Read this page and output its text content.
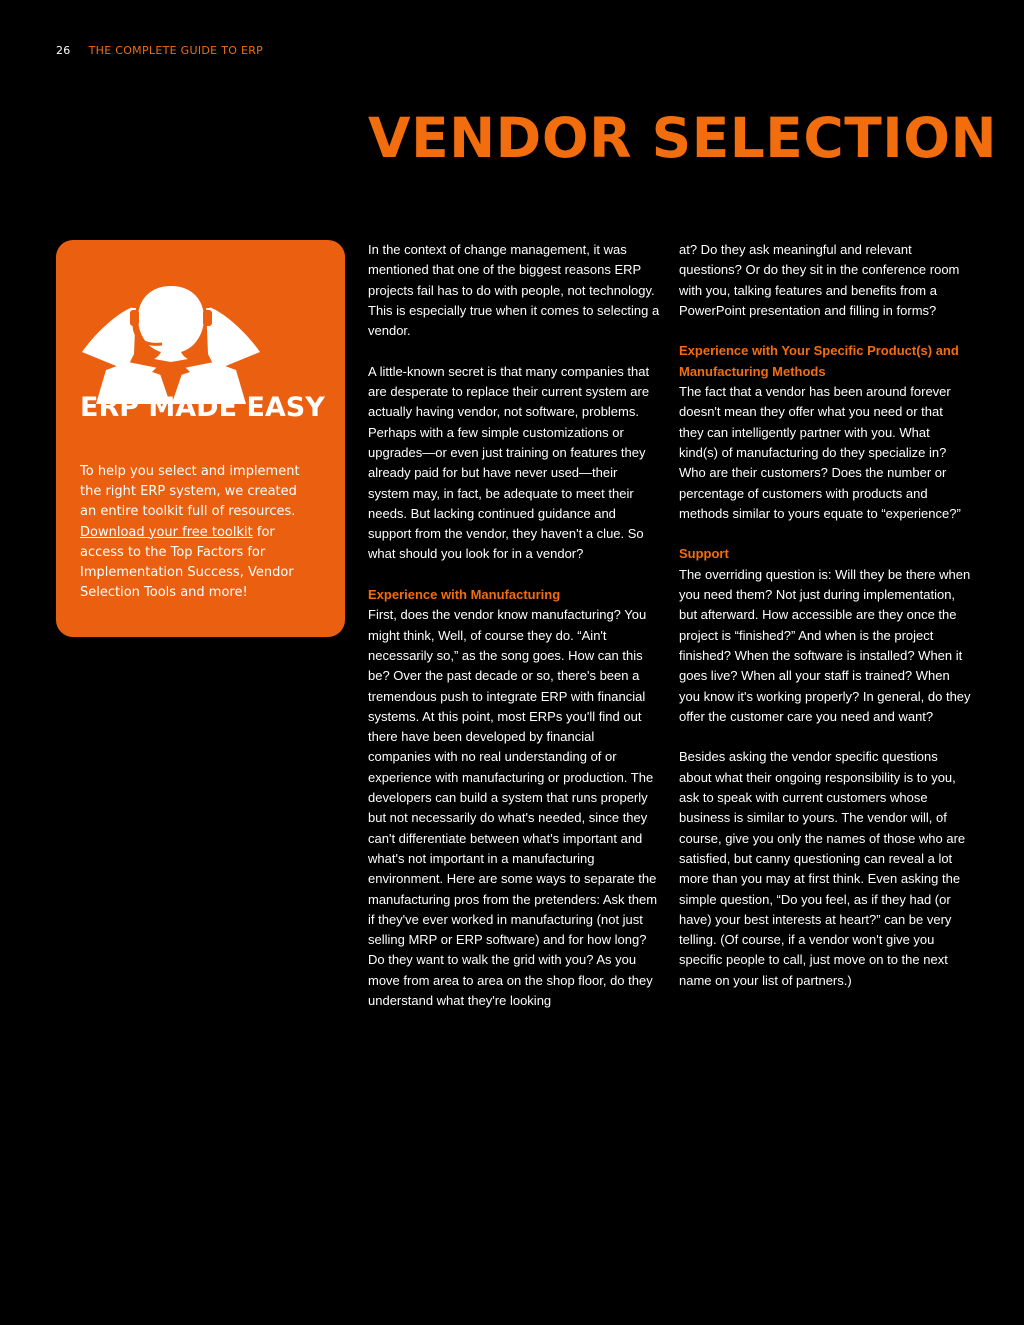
26 THE COMPLETE GUIDE TO ERP
VENDOR SELECTION
ERP MADE EASY

To help you select and implement the right ERP system, we created an entire toolkit full of resources. Download your free toolkit for access to the Top Factors for Implementation Success, Vendor Selection Tools and more!

In the context of change management, it was mentioned that one of the biggest reasons ERP projects fail has to do with people, not technology. This is especially true when it comes to selecting a vendor.

A little-known secret is that many companies that are desperate to replace their current system are actually having vendor, not software, problems. Perhaps with a few simple customizations or upgrades—or even just training on features they already paid for but have never used—their system may, in fact, be adequate to meet their needs. But lacking continued guidance and support from the vendor, they haven't a clue. So what should you look for in a vendor?

Experience with Manufacturing

First, does the vendor know manufacturing? You might think, Well, of course they do. “Ain't necessarily so,” as the song goes. How can this be? Over the past decade or so, there's been a tremendous push to integrate ERP with financial systems. At this point, most ERPs you'll find out there have been developed by financial companies with no real understanding of or experience with manufacturing or production. The developers can build a system that runs properly but not necessarily do what's needed, since they can't differentiate between what's important and what's not important in a manufacturing environment. Here are some ways to separate the manufacturing pros from the pretenders: Ask them if they've ever worked in manufacturing (not just selling MRP or ERP software) and for how long? Do they want to walk the grid with you? As you move from area to area on the shop floor, do they understand what they're looking

at? Do they ask meaningful and relevant questions? Or do they sit in the conference room with you, talking features and benefits from a PowerPoint presentation and filling in forms?

Experience with Your Specific Product(s) and Manufacturing Methods

The fact that a vendor has been around forever doesn't mean they offer what you need or that they can intelligently partner with you. What kind(s) of manufacturing do they specialize in? Who are their customers? Does the number or percentage of customers with products and methods similar to yours equate to “experience?”

Support

The overriding question is: Will they be there when you need them? Not just during implementation, but afterward. How accessible are they once the project is “finished?” And when is the project finished? When the software is installed? When it goes live? When all your staff is trained? When you know it's working properly? In general, do they offer the customer care you need and want?

Besides asking the vendor specific questions about what their ongoing responsibility is to you, ask to speak with current customers whose business is similar to yours. The vendor will, of course, give you only the names of those who are satisfied, but canny questioning can reveal a lot more than you may at first think. Even asking the simple question, “Do you feel, as if they had (or have) your best interests at heart?” can be very telling. (Of course, if a vendor won't give you specific people to call, just move on to the next name on your list of partners.)
